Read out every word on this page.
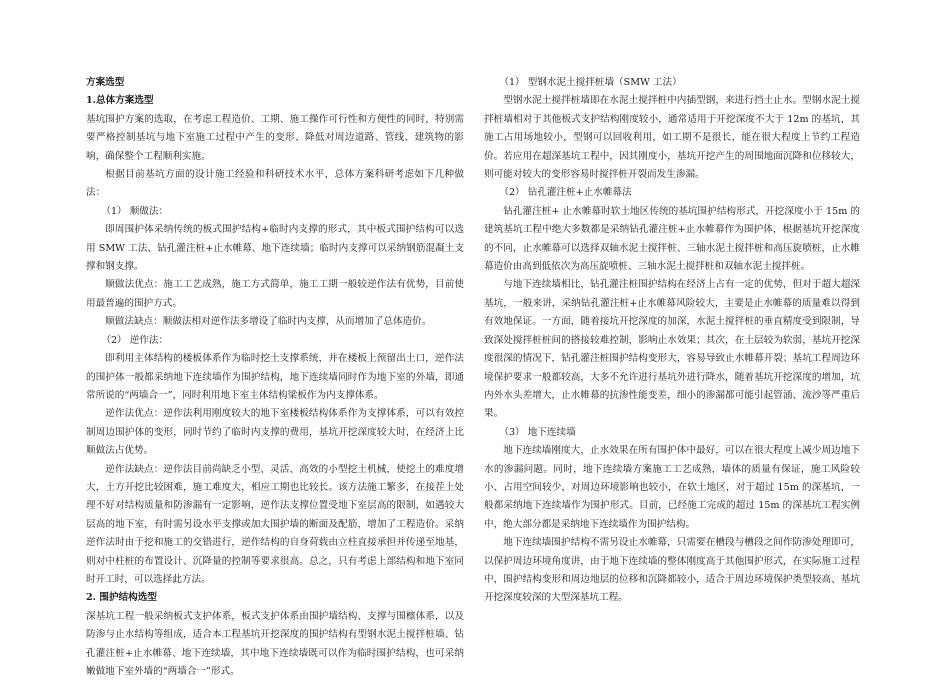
方案选型

1.总体方案选型

基坑围护方案的选取，在考虑工程造价、工期、施工操作可行性和方便性的同时，特别需要严格控制基坑与地下室施工过程中产生的变形、降低对周边道路、管线、建筑物的影响，确保整个工程顺利实施。

根据目前基坑方面的设计施工经验和科研技术水平，总体方案科研考虑如下几种做法：

（1） 顺做法：

即周围护体采纳传统的板式围护结构+临时内支撑的形式，其中板式围护结构可以选用 SMW 工法、钻孔灌注桩+止水帷幕、地下连续墙；临时内支撑可以采纳钢筋混凝土支撑和钢支撑。

顺做法优点：施工工艺成熟，施工方式简单，施工工期一般较逆作法有优势，目前使用最普遍的围护方式。

顺做法缺点：顺做法相对逆作法多增设了临时内支撑，从而增加了总体造价。

（2） 逆作法：

即利用主体结构的楼板体系作为临时挖土支撑系统，并在楼板上预留出土口，逆作法的围护体一般都采纳地下连续墙作为围护结构，地下连续墙同时作为地下室的外墙，即通常所说的“两墙合一”，同时利用地下室主体结构梁板作为内支撑体系。

逆作法优点：逆作法利用刚度较大的地下室楼板结构体系作为支撑体系，可以有效控制周边围护体的变形，同时节约了临时内支撑的费用，基坑开挖深度较大时，在经济上比顺做法占优势。

逆作法缺点：逆作法目前尚缺乏小型、灵活、高效的小型挖土机械，使挖土的难度增大，土方开挖比较困难，施工难度大，相应工期也比较长。该方法施工繁多，在接茬上处理不好对结构质量和防渗漏有一定影响，逆作法支撑位置受地下室层高的限制，如遇较大层高的地下室，有时需另设水平支撑或加大围护墙的断面及配筋，增加了工程造价。采纳逆作法时由于挖和施工的交错进行，逆作结构的自身荷载由立柱直接承担并传递至地基，则对中柱桩的布置设计、沉降量的控制等要求很高。总之，只有考虑上部结构和地下室同时开工时，可以选择此方法。

2. 围护结构选型

深基坑工程一般采纳板式支护体系，板式支护体系由围护墙结构、支撑与围檩体系，以及防渗与止水结构等组成，适合本工程基坑开挖深度的围护结构有型钢水泥土搅拌桩墙、钻孔灌注桩+止水帷幕、地下连续墙，其中地下连续墙既可以作为临时围护结构，也可采纳嫩做地下室外墙的“两墙合一”形式。

（1） 型钢水泥土搅拌桩墙（SMW 工法）

型钢水泥土搅拌桩墙即在水泥土搅拌桩中内插型钢，来进行挡土止水。型钢水泥土搅拌桩墙相对于其他板式支护结构刚度较小，通常适用于开挖深度不大于 12m 的基坑，其施工占用场地较小，型钢可以回收利用，如工期不是很长，能在很大程度上节约工程造价。若应用在超深基坑工程中，因其刚度小，基坑开挖产生的周围地面沉降和位移较大，则可能对较大的变形容易时搅拌桩开裂而发生渗漏。

（2） 钻孔灌注桩+止水帷幕法

钻孔灌注桩+ 止水帷幕时软土地区传统的基坑围护结构形式，开挖深度小于 15m 的建筑基坑工程中绝大多数都是采纳钻孔灌注桩+止水帷幕作为围护体，根据基坑开挖深度的不同，止水帷幕可以选择双轴水泥土搅拌桩、三轴水泥土搅拌桩和高压旋喷桩，止水帷幕造价由高到低依次为高压旋喷桩、三轴水泥土搅拌桩和双轴水泥土搅拌桩。

与地下连续墙相比，钻孔灌注桩围护结构在经济上占有一定的优势，但对于超大超深基坑，一般来讲，采纳钻孔灌注桩+止水帷幕风险较大，主要是止水帷幕的质量难以得到有效地保证。一方面，随着接坑开挖深度的加深，水泥土搅拌桩的垂直精度受到限制，导致深处搅拌桩桩间的搭接较难控制，影响止水效果；其次，在土层较为软弱，基坑开挖深度很深的情况下，钻孔灌注桩围护结构变形大，容易导致止水帷幕开裂；基坑工程周边环境保护要求一般都较高，大多不允许进行基坑外进行降水，随着基坑开挖深度的增加，坑内外水头差增大，止水帷幕的抗渗性能变差，细小的渗漏都可能引起管涌、流沙等严重后果。

（3） 地下连续墙

地下连续墙刚度大，止水效果在所有围护体中最好，可以在很大程度上减少周边地下水的渗漏问题。同时，地下连续墙方案施工工艺成熟，墙体的质量有保证，施工风险较小、占用空间较少，对周边环境影响也较小，在软土地区，对于超过 15m 的深基坑，一般都采纳地下连续墙作为围护形式。目前，已经施工完成的超过 15m 的深基坑工程实例中，绝大部分都是采纳地下连续墙作为围护结构。

地下连续墙围护结构不需另设止水帷幕，只需要在槽段与槽段之间作防渗处理即可，以保护周边环境角度讲，由于地下连续墙的整体刚度高于其他围护形式，在实际施工过程中，围护结构变形和周边地层的位移和沉降都较小，适合于周边环境保护类型较高、基坑开挖深度较深的大型深基坑工程。
